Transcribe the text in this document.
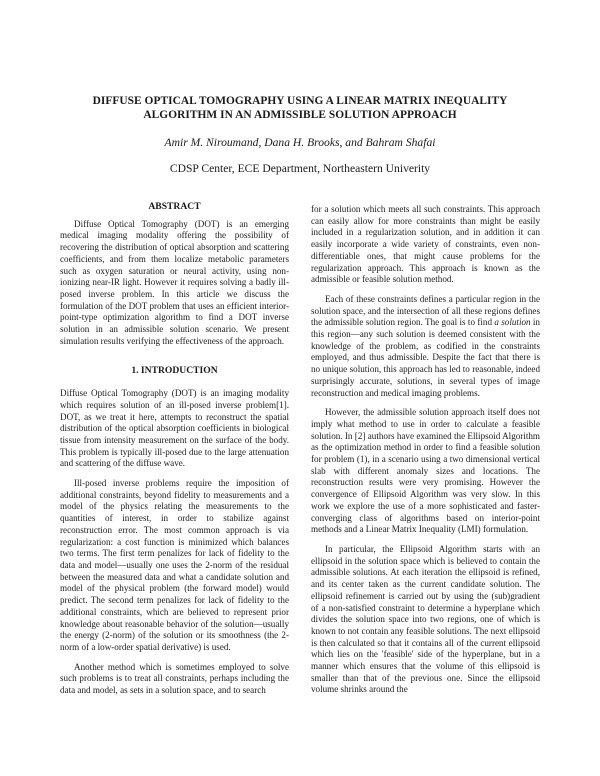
DIFFUSE OPTICAL TOMOGRAPHY USING A LINEAR MATRIX INEQUALITY ALGORITHM IN AN ADMISSIBLE SOLUTION APPROACH
Amir M. Niroumand, Dana H. Brooks, and Bahram Shafai
CDSP Center, ECE Department, Northeastern Univerity
ABSTRACT

Diffuse Optical Tomography (DOT) is an emerging medical imaging modality offering the possibility of recovering the distribution of optical absorption and scattering coefficients, and from them localize metabolic parameters such as oxygen saturation or neural activity, using non-ionizing near-IR light. However it requires solving a badly ill-posed inverse problem. In this article we discuss the formulation of the DOT problem that uses an efficient interior-point-type optimization algorithm to find a DOT inverse solution in an admissible solution scenario. We present simulation results verifying the effectiveness of the approach.

1. INTRODUCTION

Diffuse Optical Tomography (DOT) is an imaging modality which requires solution of an ill-posed inverse problem[1]. DOT, as we treat it here, attempts to reconstruct the spatial distribution of the optical absorption coefficients in biological tissue from intensity measurement on the surface of the body. This problem is typically ill-posed due to the large attenuation and scattering of the diffuse wave.

Ill-posed inverse problems require the imposition of additional constraints, beyond fidelity to measurements and a model of the physics relating the measurements to the quantities of interest, in order to stabilize against reconstruction error. The most common approach is via regularization: a cost function is minimized which balances two terms. The first term penalizes for lack of fidelity to the data and model—usually one uses the 2-norm of the residual between the measured data and what a candidate solution and model of the physical problem (the forward model) would predict. The second term penalizes for lack of fidelity to the additional constraints, which are believed to represent prior knowledge about reasonable behavior of the solution—usually the energy (2-norm) of the solution or its smoothness (the 2-norm of a low-order spatial derivative) is used.

Another method which is sometimes employed to solve such problems is to treat all constraints, perhaps including the data and model, as sets in a solution space, and to search

for a solution which meets all such constraints. This approach can easily allow for more constraints than might be easily included in a regularization solution, and in addition it can easily incorporate a wide variety of constraints, even non-differentiable ones, that might cause problems for the regularization approach. This approach is known as the admissible or feasible solution method.

Each of these constraints defines a particular region in the solution space, and the intersection of all these regions defines the admissible solution region. The goal is to find a solution in this region—any such solution is deemed consistent with the knowledge of the problem, as codified in the constraints employed, and thus admissible. Despite the fact that there is no unique solution, this approach has led to reasonable, indeed surprisingly accurate, solutions, in several types of image reconstruction and medical imaging problems.

However, the admissible solution approach itself does not imply what method to use in order to calculate a feasible solution. In [2] authors have examined the Ellipsoid Algorithm as the optimization method in order to find a feasible solution for problem (1), in a scenario using a two dimensional vertical slab with different anomaly sizes and locations. The reconstruction results were very promising. However the convergence of Ellipsoid Algorithm was very slow. In this work we explore the use of a more sophisticated and faster-converging class of algorithms based on interior-point methods and a Linear Matrix Inequality (LMI) formulation.

In particular, the Ellipsoid Algorithm starts with an ellipsoid in the solution space which is believed to contain the admissible solutions. At each iteration the ellipsoid is refined, and its center taken as the current candidate solution. The ellipsoid refinement is carried out by using the (sub)gradient of a non-satisfied constraint to determine a hyperplane which divides the solution space into two regions, one of which is known to not contain any feasible solutions. The next ellipsoid is then calculated so that it contains all of the current ellipsoid which lies on the 'feasible' side of the hyperplane, but in a manner which ensures that the volume of this ellipsoid is smaller than that of the previous one. Since the ellipsoid volume shrinks around the
